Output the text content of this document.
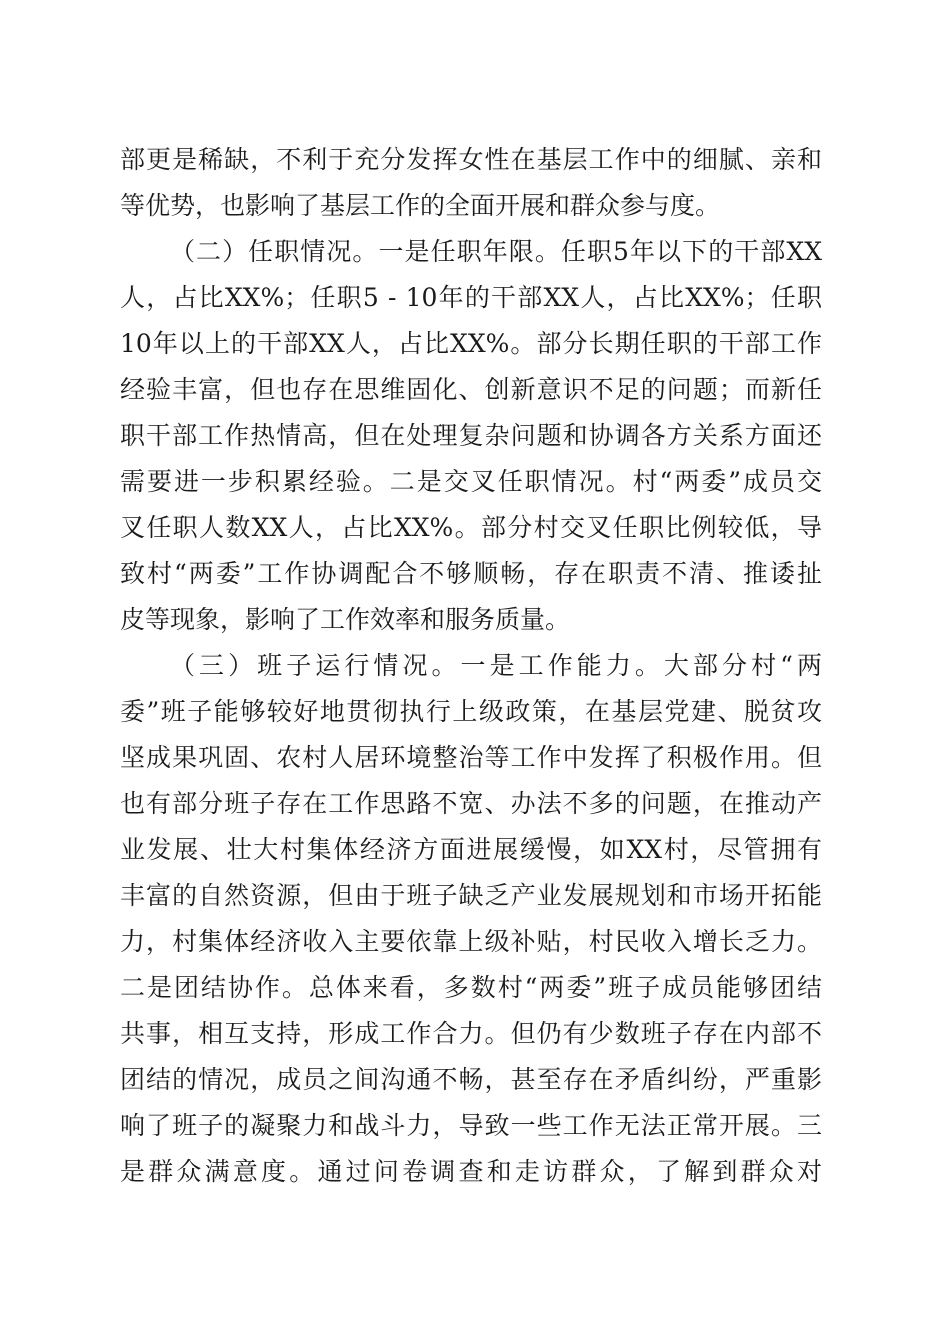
部更是稀缺，不利于充分发挥女性在基层工作中的细腻、亲和
等优势，也影响了基层工作的全面开展和群众参与度。
（二）任职情况。一是任职年限。任职5年以下的干部XX
人，占比XX%；任职5 - 10年的干部XX人，占比XX%；任职
10年以上的干部XX人，占比XX%。部分长期任职的干部工作
经验丰富，但也存在思维固化、创新意识不足的问题；而新任
职干部工作热情高，但在处理复杂问题和协调各方关系方面还
需要进一步积累经验。二是交叉任职情况。村“两委”成员交
叉任职人数XX人，占比XX%。部分村交叉任职比例较低，导
致村“两委”工作协调配合不够顺畅，存在职责不清、推诿扯
皮等现象，影响了工作效率和服务质量。
（三）班子运行情况。一是工作能力。大部分村“两
委”班子能够较好地贯彻执行上级政策，在基层党建、脱贫攻
坚成果巩固、农村人居环境整治等工作中发挥了积极作用。但
也有部分班子存在工作思路不宽、办法不多的问题，在推动产
业发展、壮大村集体经济方面进展缓慢，如XX村，尽管拥有
丰富的自然资源，但由于班子缺乏产业发展规划和市场开拓能
力，村集体经济收入主要依靠上级补贴，村民收入增长乏力。
二是团结协作。总体来看，多数村“两委”班子成员能够团结
共事，相互支持，形成工作合力。但仍有少数班子存在内部不
团结的情况，成员之间沟通不畅，甚至存在矛盾纠纷，严重影
响了班子的凝聚力和战斗力，导致一些工作无法正常开展。三
是群众满意度。通过问卷调查和走访群众，了解到群众对
